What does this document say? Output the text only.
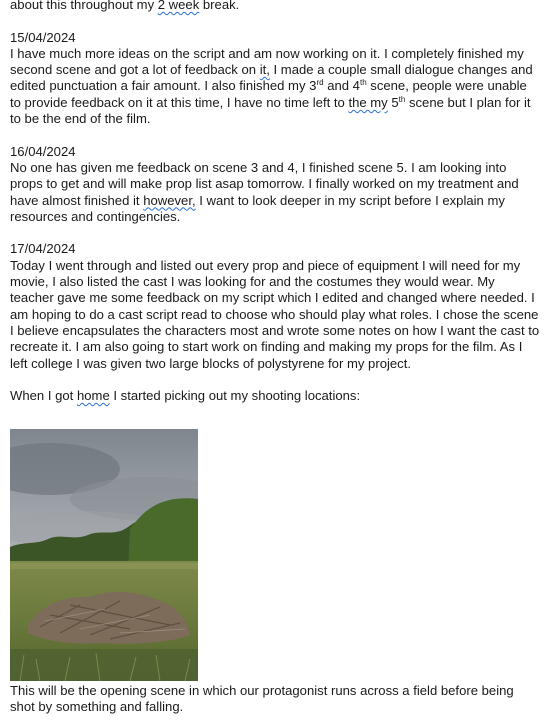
about this throughout my 2 week break.

15/04/2024

I have much more ideas on the script and am now working on it. I completely finished my second scene and got a lot of feedback on it, I made a couple small dialogue changes and edited punctuation a fair amount. I also finished my 3rd and 4th scene, people were unable to provide feedback on it at this time, I have no time left to the my 5th scene but I plan for it to be the end of the film.

16/04/2024

No one has given me feedback on scene 3 and 4, I finished scene 5. I am looking into props to get and will make prop list asap tomorrow. I finally worked on my treatment and have almost finished it however, I want to look deeper in my script before I explain my resources and contingencies.

17/04/2024

Today I went through and listed out every prop and piece of equipment I will need for my movie, I also listed the cast I was looking for and the costumes they would wear. My teacher gave me some feedback on my script which I edited and changed where needed. I am hoping to do a cast script read to choose who should play what roles. I chose the scene I believe encapsulates the characters most and wrote some notes on how I want the cast to recreate it. I am also going to start work on finding and making my props for the film. As I left college I was given two large blocks of polystyrene for my project.

When I got home I started picking out my shooting locations:

This will be the opening scene in which our protagonist runs across a field before being shot by something and falling.
